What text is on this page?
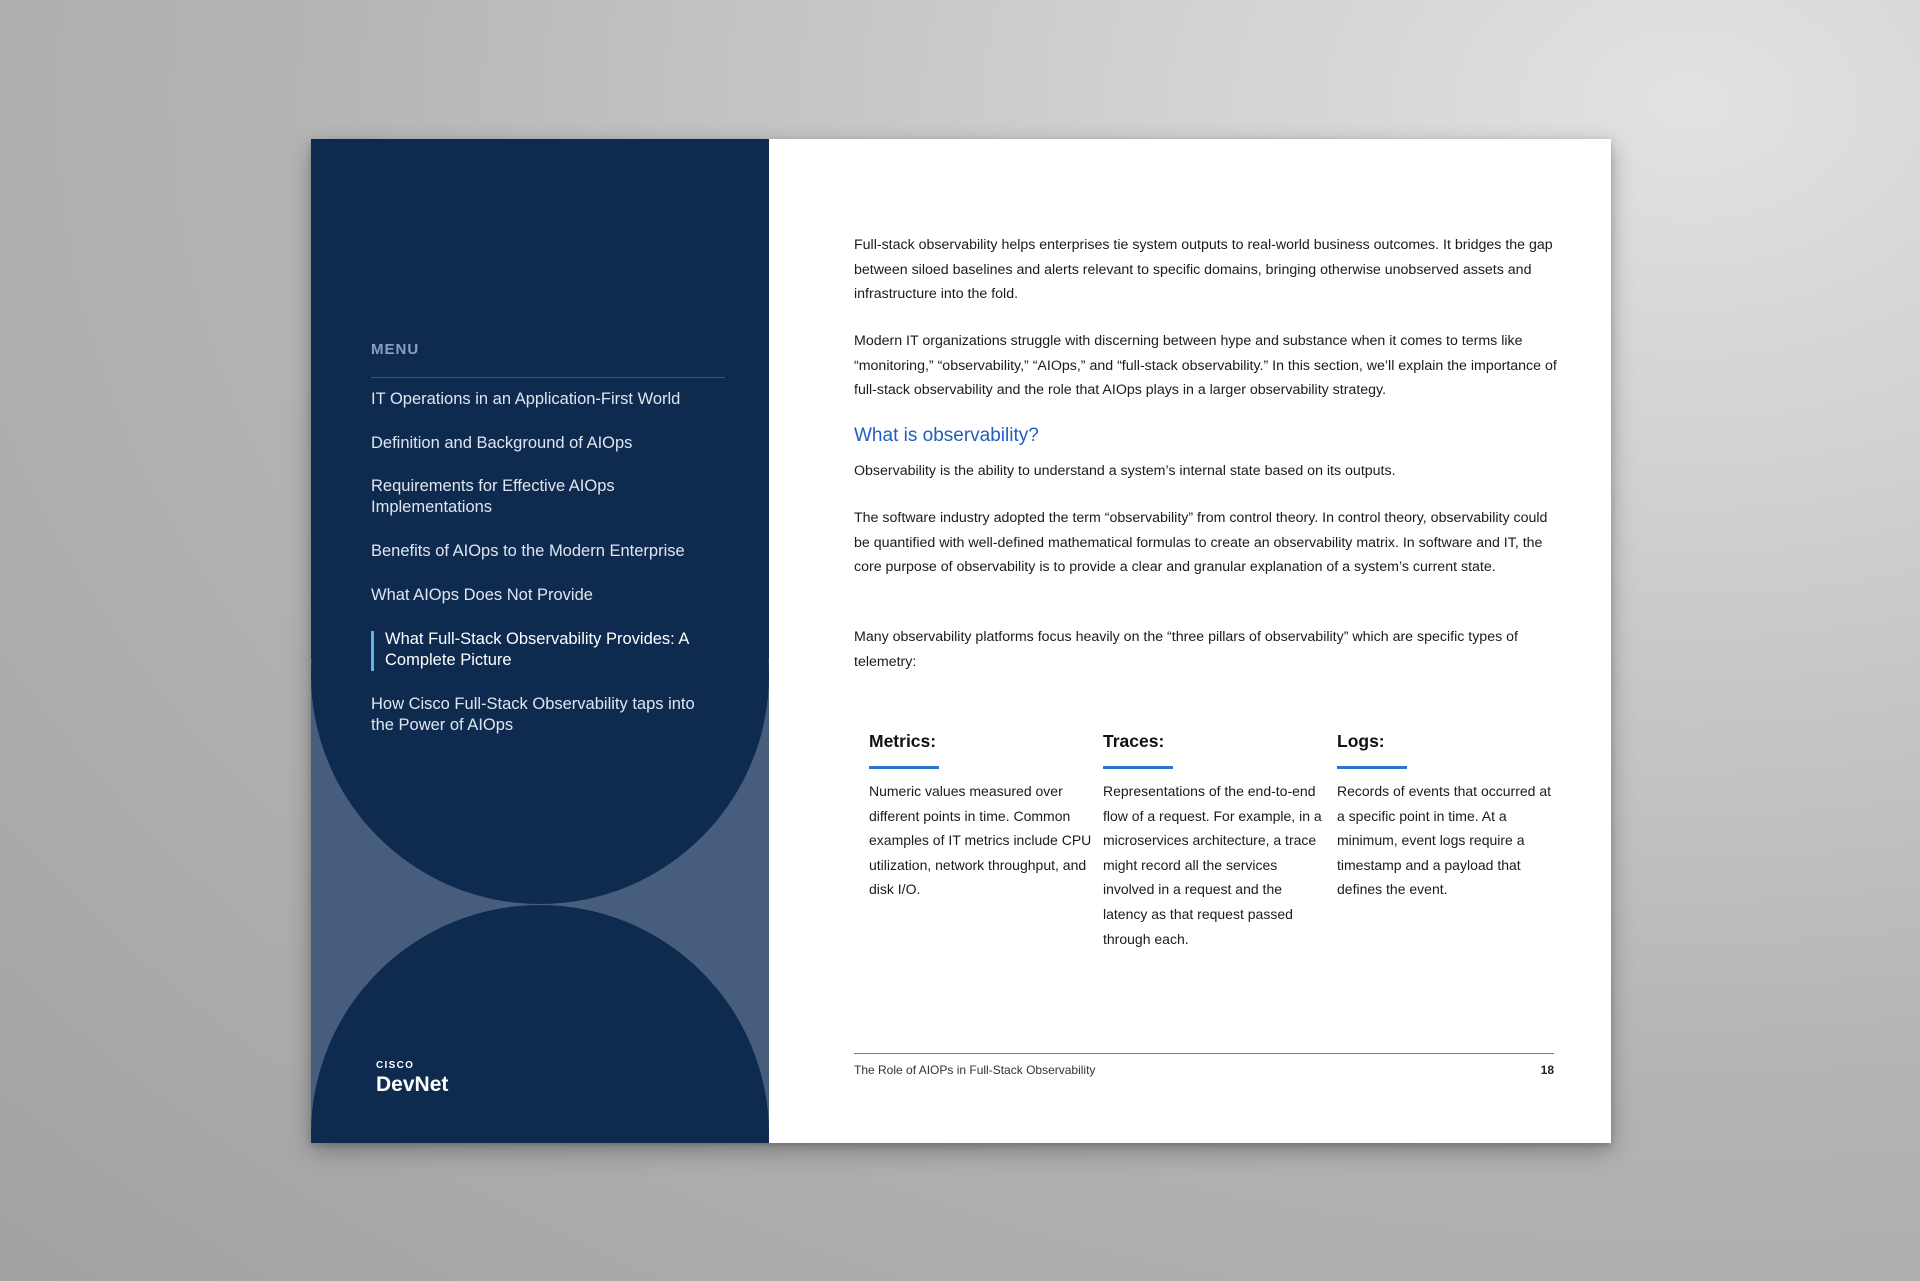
MENU
IT Operations in an Application-First World
Definition and Background of AIOps
Requirements for Effective AIOps Implementations
Benefits of AIOps to the Modern Enterprise
What AIOps Does Not Provide
What Full-Stack Observability Provides: A Complete Picture
How Cisco Full-Stack Observability taps into the Power of AIOps
CISCO
DevNet
Full-stack observability helps enterprises tie system outputs to real-world business outcomes. It bridges the gap between siloed baselines and alerts relevant to specific domains, bringing otherwise unobserved assets and infrastructure into the fold.
Modern IT organizations struggle with discerning between hype and substance when it comes to terms like “monitoring,” “observability,” “AIOps,” and “full-stack observability.” In this section, we’ll explain the importance of full-stack observability and the role that AIOps plays in a larger observability strategy.
What is observability?
Observability is the ability to understand a system’s internal state based on its outputs.
The software industry adopted the term “observability” from control theory. In control theory, observability could be quantified with well-defined mathematical formulas to create an observability matrix. In software and IT, the core purpose of observability is to provide a clear and granular explanation of a system’s current state.
Many observability platforms focus heavily on the “three pillars of observability” which are specific types of telemetry:
Metrics:
Numeric values measured over different points in time. Common examples of IT metrics include CPU utilization, network throughput, and disk I/O.
Traces:
Representations of the end-to-end flow of a request. For example, in a microservices architecture, a trace might record all the services involved in a request and the latency as that request passed through each.
Logs:
Records of events that occurred at a specific point in time. At a minimum, event logs require a timestamp and a payload that defines the event.
The Role of AIOPs in Full-Stack Observability	18
